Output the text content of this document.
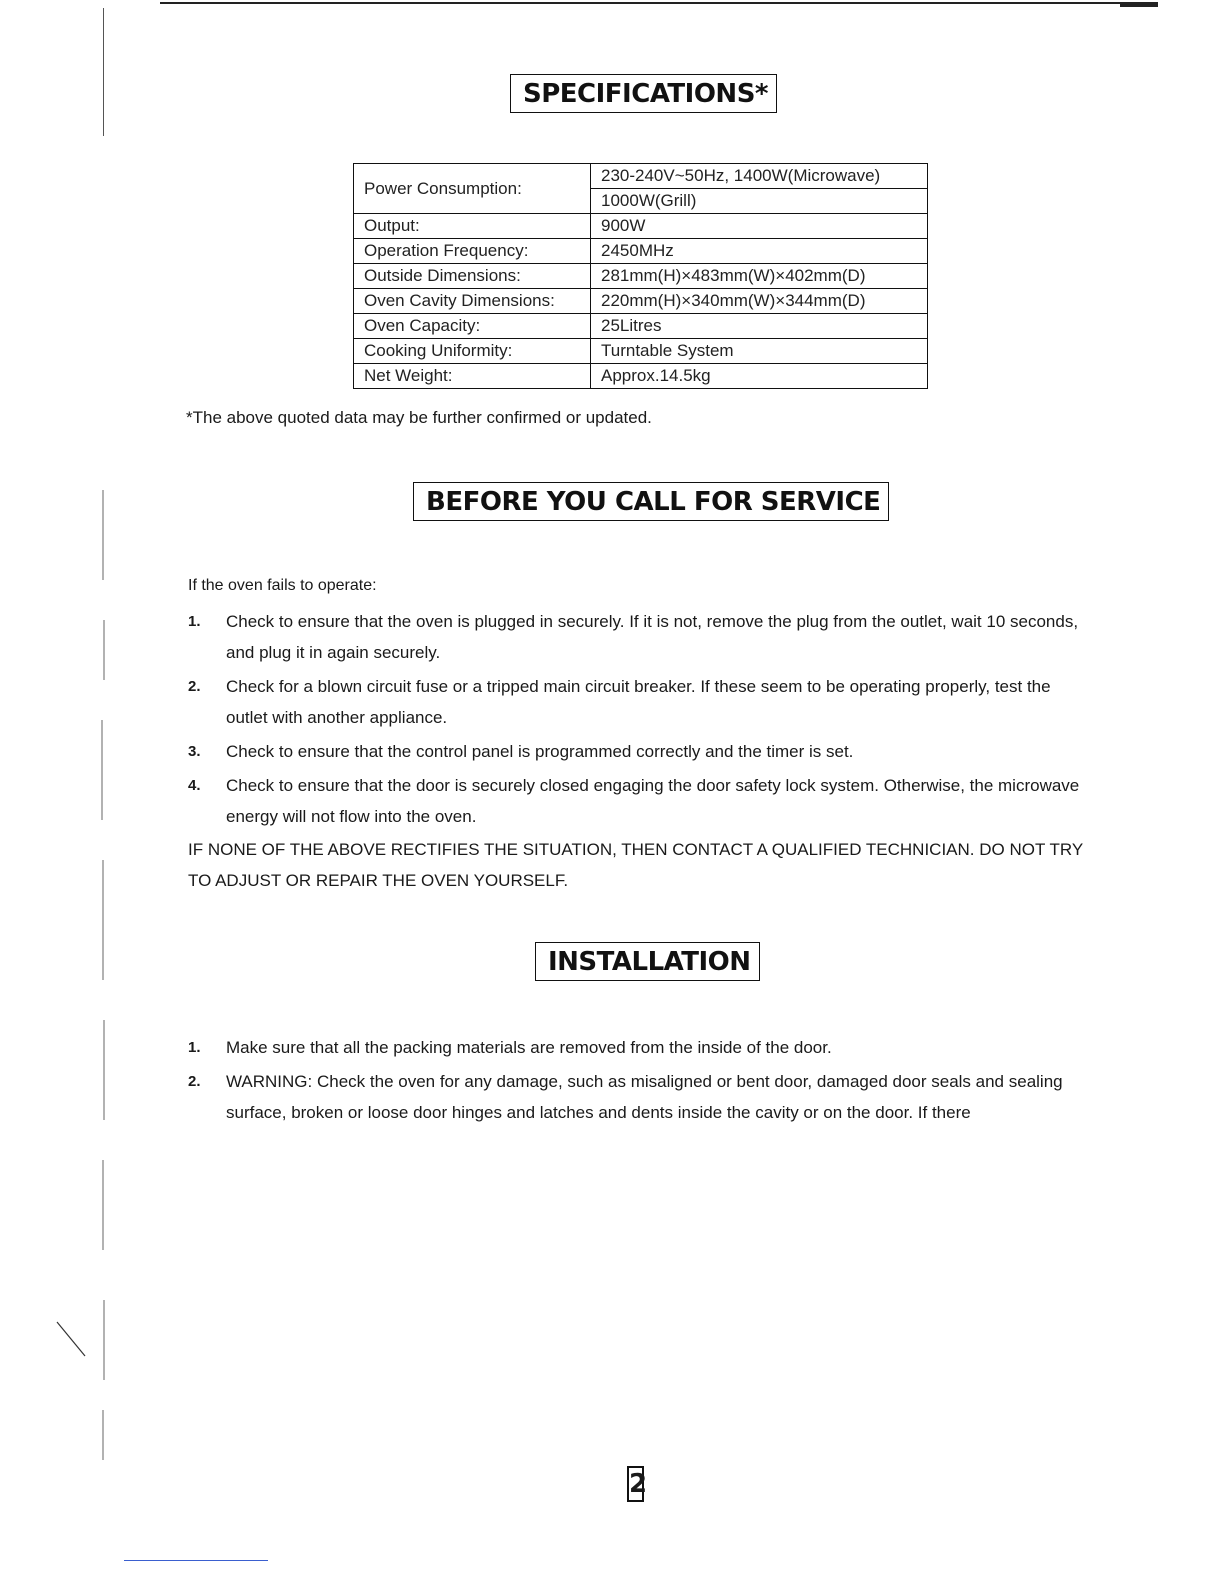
SPECIFICATIONS*
Power Consumption:	230-240V~50Hz, 1400W(Microwave)
	1000W(Grill)
Output:	900W
Operation Frequency:	2450MHz
Outside Dimensions:	281mm(H)×483mm(W)×402mm(D)
Oven Cavity Dimensions:	220mm(H)×340mm(W)×344mm(D)
Oven Capacity:	25Litres
Cooking Uniformity:	Turntable System
Net Weight:	Approx.14.5kg
*The above quoted data may be further confirmed or updated.
BEFORE YOU CALL FOR SERVICE
If the oven fails to operate:
1. Check to ensure that the oven is plugged in securely. If it is not, remove the plug from the outlet, wait 10 seconds, and plug it in again securely.
2. Check for a blown circuit fuse or a tripped main circuit breaker. If these seem to be operating properly, test the outlet with another appliance.
3. Check to ensure that the control panel is programmed correctly and the timer is set.
4. Check to ensure that the door is securely closed engaging the door safety lock system. Otherwise, the microwave energy will not flow into the oven.
IF NONE OF THE ABOVE RECTIFIES THE SITUATION, THEN CONTACT A QUALIFIED TECHNICIAN. DO NOT TRY TO ADJUST OR REPAIR THE OVEN YOURSELF.
INSTALLATION
1. Make sure that all the packing materials are removed from the inside of the door.
2. WARNING: Check the oven for any damage, such as misaligned or bent door, damaged door seals and sealing surface, broken or loose door hinges and latches and dents inside the cavity or on the door. If there
2
